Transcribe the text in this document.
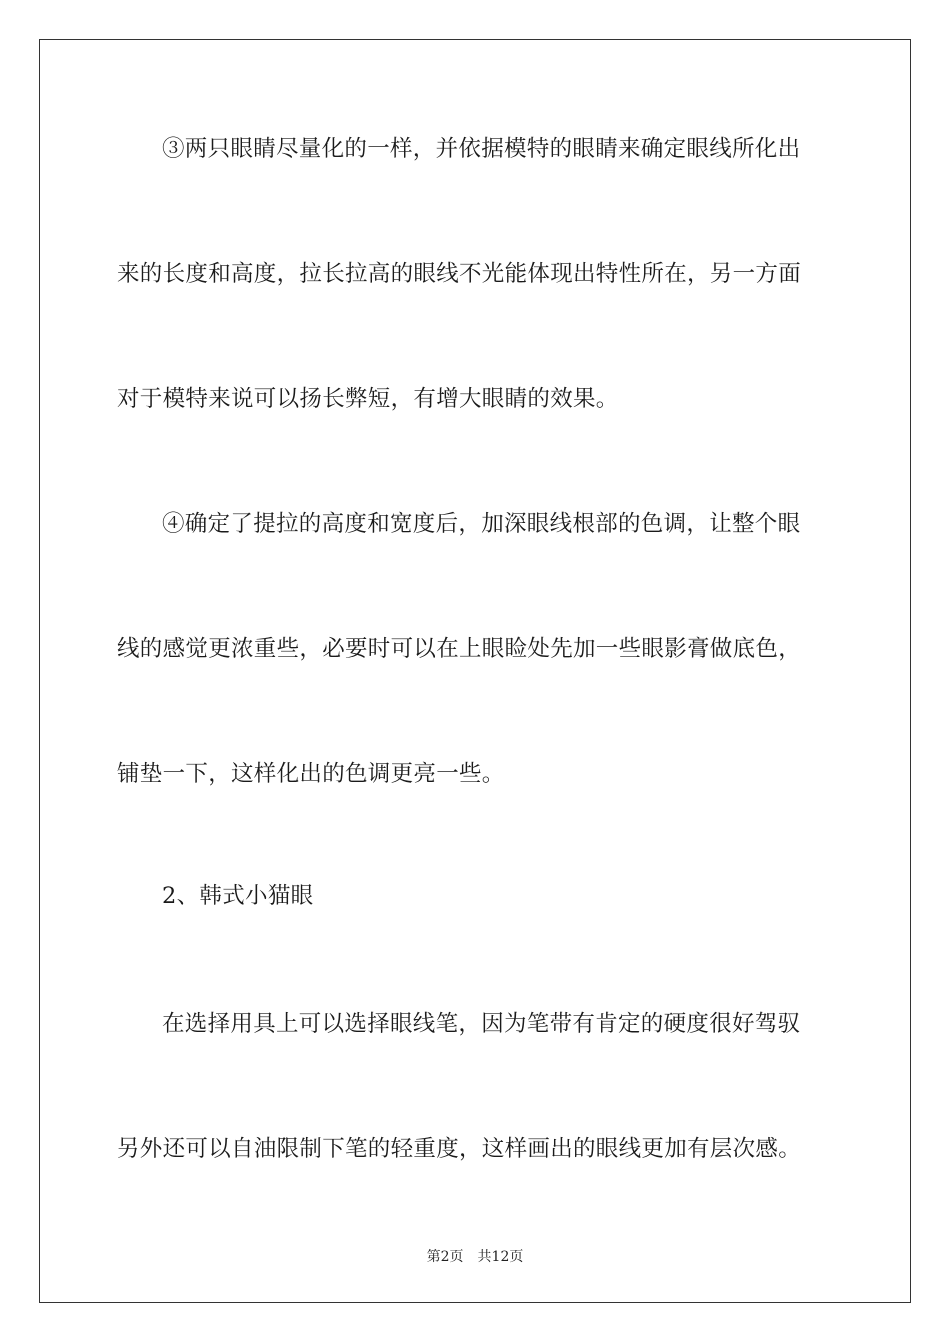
③两只眼睛尽量化的一样，并依据模特的眼睛来确定眼线所化出
来的长度和高度，拉长拉高的眼线不光能体现出特性所在，另一方面
对于模特来说可以扬长弊短，有增大眼睛的效果。
④确定了提拉的高度和宽度后，加深眼线根部的色调，让整个眼
线的感觉更浓重些，必要时可以在上眼睑处先加一些眼影膏做底色，
铺垫一下，这样化出的色调更亮一些。
2、韩式小猫眼
在选择用具上可以选择眼线笔，因为笔带有肯定的硬度很好驾驭
另外还可以自油限制下笔的轻重度，这样画出的眼线更加有层次感。
第2页 共12页
